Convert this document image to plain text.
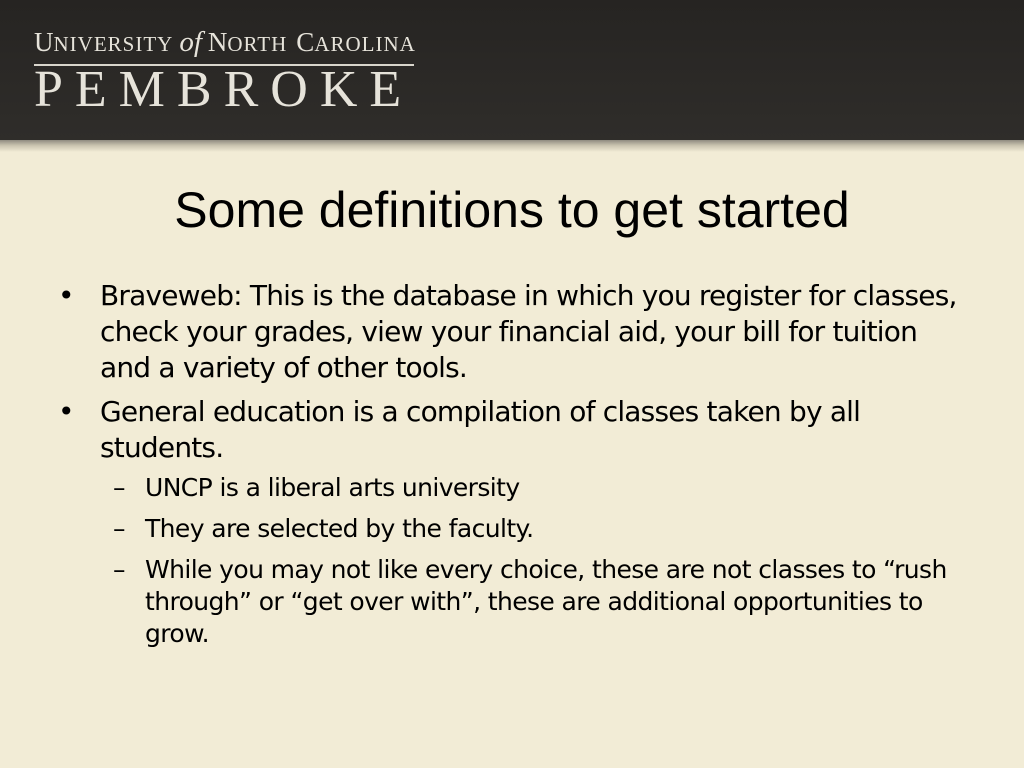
U NIVERSITY of N ORTH C AROLINA
PEMBROKE
Some definitions to get started
• Braveweb: This is the database in which you register for classes, check your grades, view your financial aid, your bill for tuition and a variety of other tools.
• General education is a compilation of classes taken by all students.
– UNCP is a liberal arts university
– They are selected by the faculty.
– While you may not like every choice, these are not classes to “rush through” or “get over with”, these are additional opportunities to grow.
